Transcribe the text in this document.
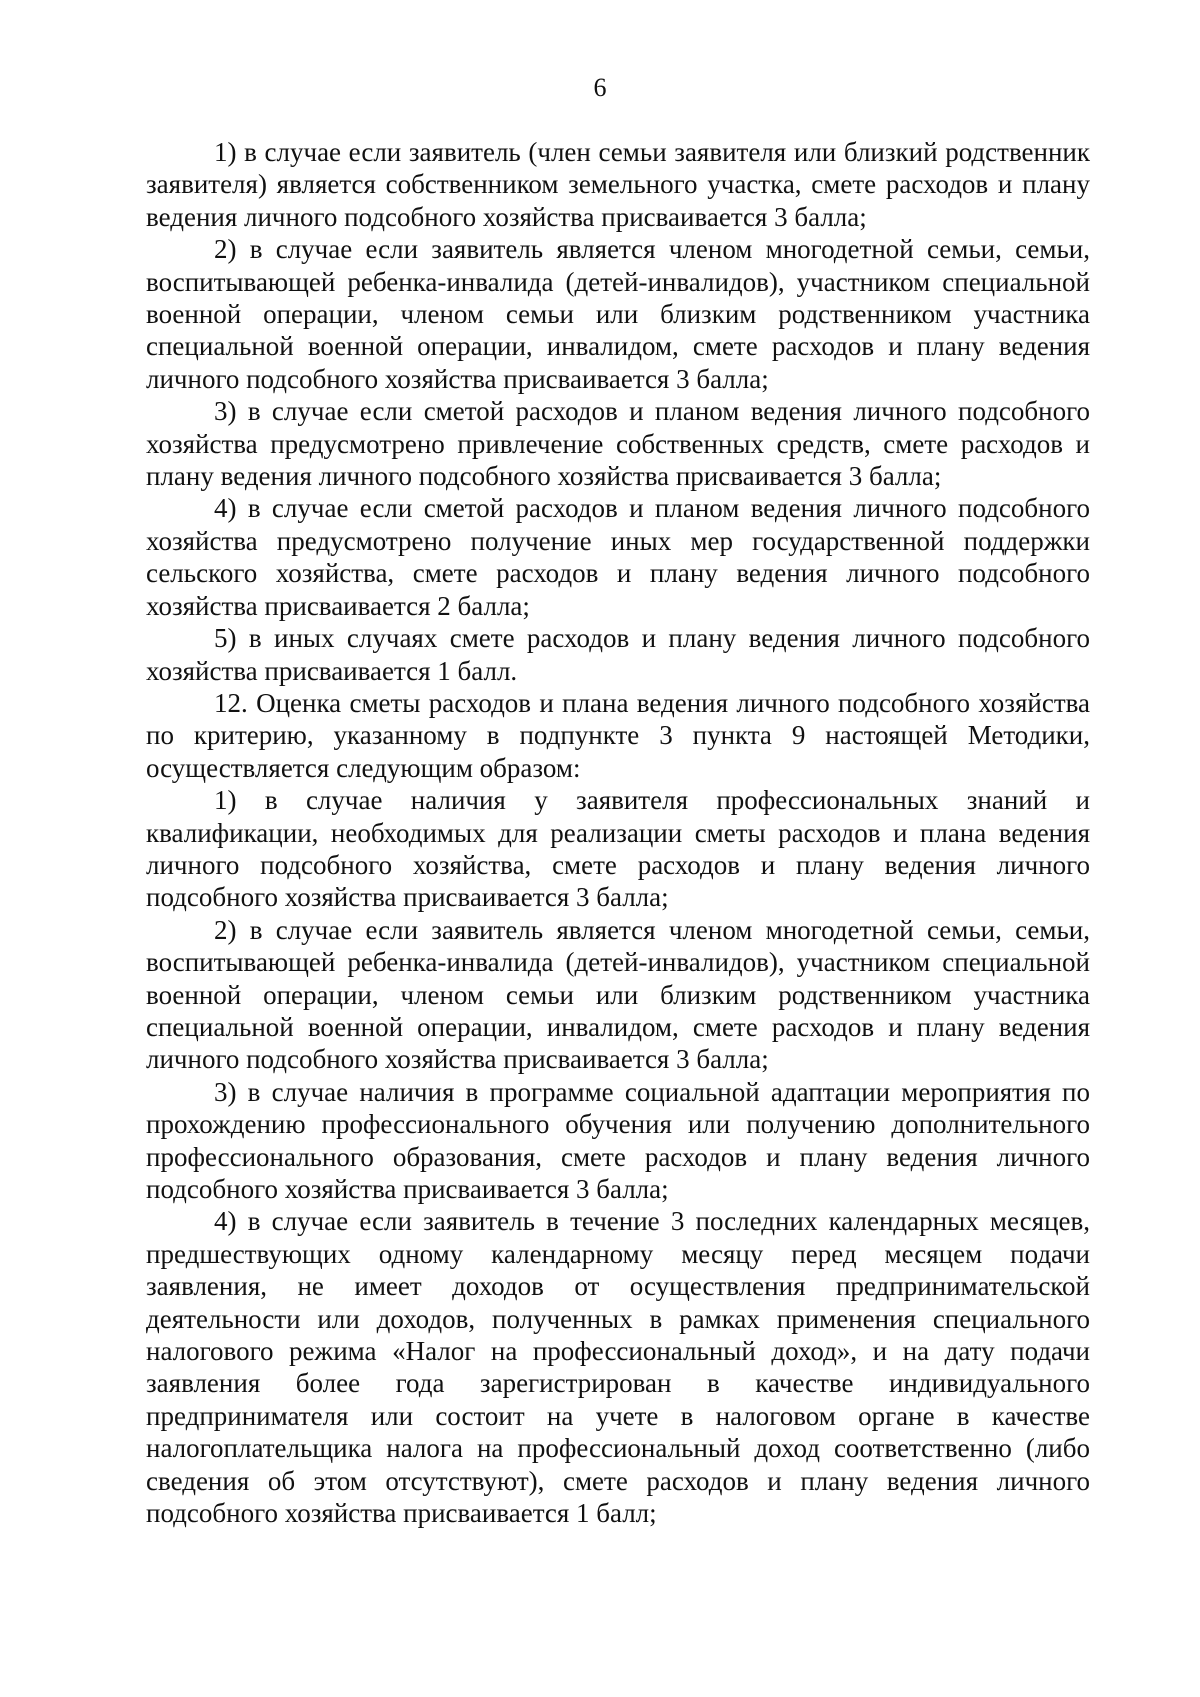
6

1) в случае если заявитель (член семьи заявителя или близкий родственник заявителя) является собственником земельного участка, смете расходов и плану ведения личного подсобного хозяйства присваивается 3 балла;

2) в случае если заявитель является членом многодетной семьи, семьи, воспитывающей ребенка-инвалида (детей-инвалидов), участником специальной военной операции, членом семьи или близким родственником участника специальной военной операции, инвалидом, смете расходов и плану ведения личного подсобного хозяйства присваивается 3 балла;

3) в случае если сметой расходов и планом ведения личного подсобного хозяйства предусмотрено привлечение собственных средств, смете расходов и плану ведения личного подсобного хозяйства присваивается 3 балла;

4) в случае если сметой расходов и планом ведения личного подсобного хозяйства предусмотрено получение иных мер государственной поддержки сельского хозяйства, смете расходов и плану ведения личного подсобного хозяйства присваивается 2 балла;

5) в иных случаях смете расходов и плану ведения личного подсобного хозяйства присваивается 1 балл.

12. Оценка сметы расходов и плана ведения личного подсобного хозяйства по критерию, указанному в подпункте 3 пункта 9 настоящей Методики, осуществляется следующим образом:

1) в случае наличия у заявителя профессиональных знаний и квалификации, необходимых для реализации сметы расходов и плана ведения личного подсобного хозяйства, смете расходов и плану ведения личного подсобного хозяйства присваивается 3 балла;

2) в случае если заявитель является членом многодетной семьи, семьи, воспитывающей ребенка-инвалида (детей-инвалидов), участником специальной военной операции, членом семьи или близким родственником участника специальной военной операции, инвалидом, смете расходов и плану ведения личного подсобного хозяйства присваивается 3 балла;

3) в случае наличия в программе социальной адаптации мероприятия по прохождению профессионального обучения или получению дополнительного профессионального образования, смете расходов и плану ведения личного подсобного хозяйства присваивается 3 балла;

4) в случае если заявитель в течение 3 последних календарных месяцев, предшествующих одному календарному месяцу перед месяцем подачи заявления, не имеет доходов от осуществления предпринимательской деятельности или доходов, полученных в рамках применения специального налогового режима «Налог на профессиональный доход», и на дату подачи заявления более года зарегистрирован в качестве индивидуального предпринимателя или состоит на учете в налоговом органе в качестве налогоплательщика налога на профессиональный доход соответственно (либо сведения об этом отсутствуют), смете расходов и плану ведения личного подсобного хозяйства присваивается 1 балл;
